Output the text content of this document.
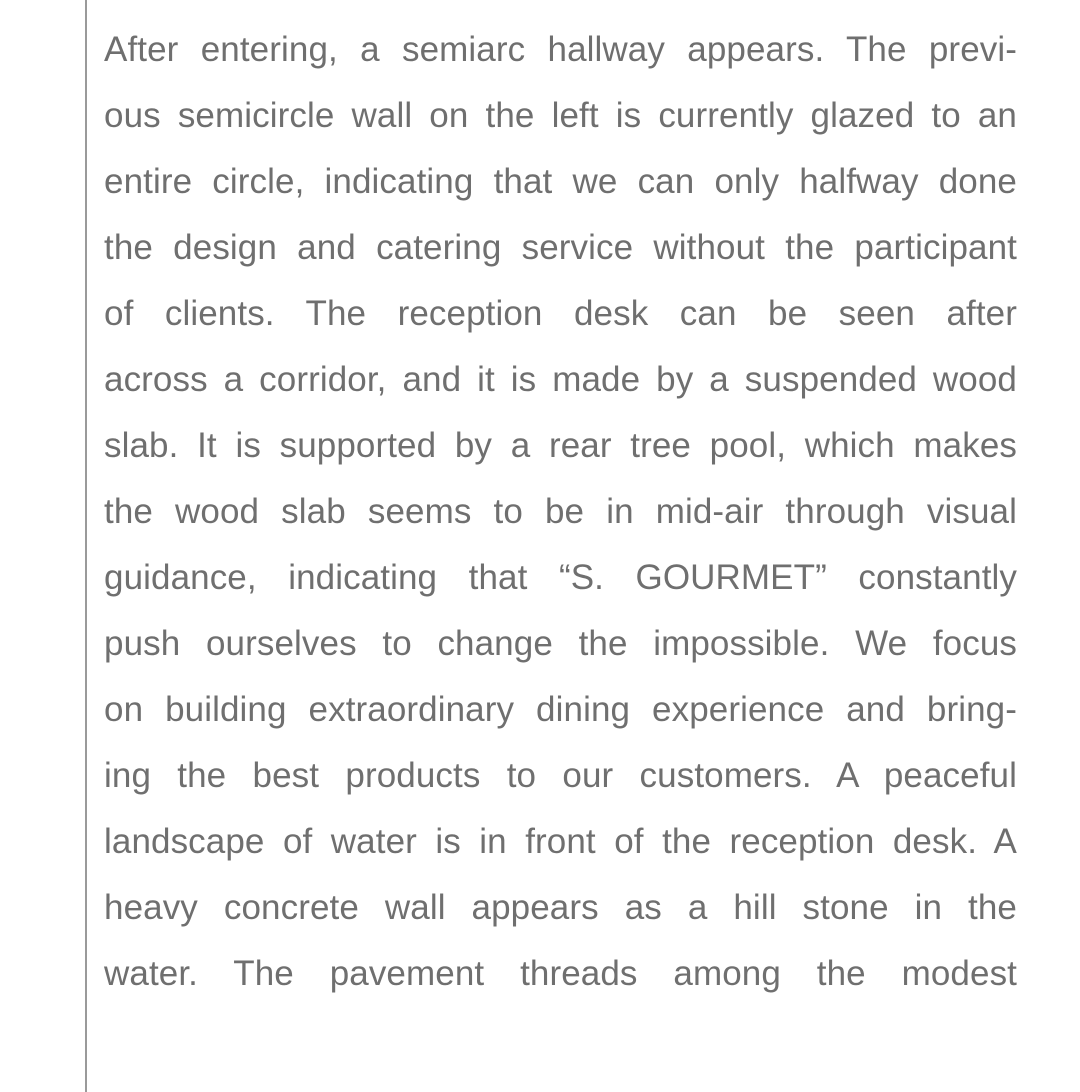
After entering, a semiarc hallway appears. The previ-
ous semicircle wall on the left is currently glazed to an
entire circle, indicating that we can only halfway done
the design and catering service without the participant
of clients. The reception desk can be seen after
across a corridor, and it is made by a suspended wood
slab. It is supported by a rear tree pool, which makes
the wood slab seems to be in mid-air through visual
guidance, indicating that “S. GOURMET” constantly
push ourselves to change the impossible. We focus
on building extraordinary dining experience and bring-
ing the best products to our customers. A peaceful
landscape of water is in front of the reception desk. A
heavy concrete wall appears as a hill stone in the
water. The pavement threads among the modest
